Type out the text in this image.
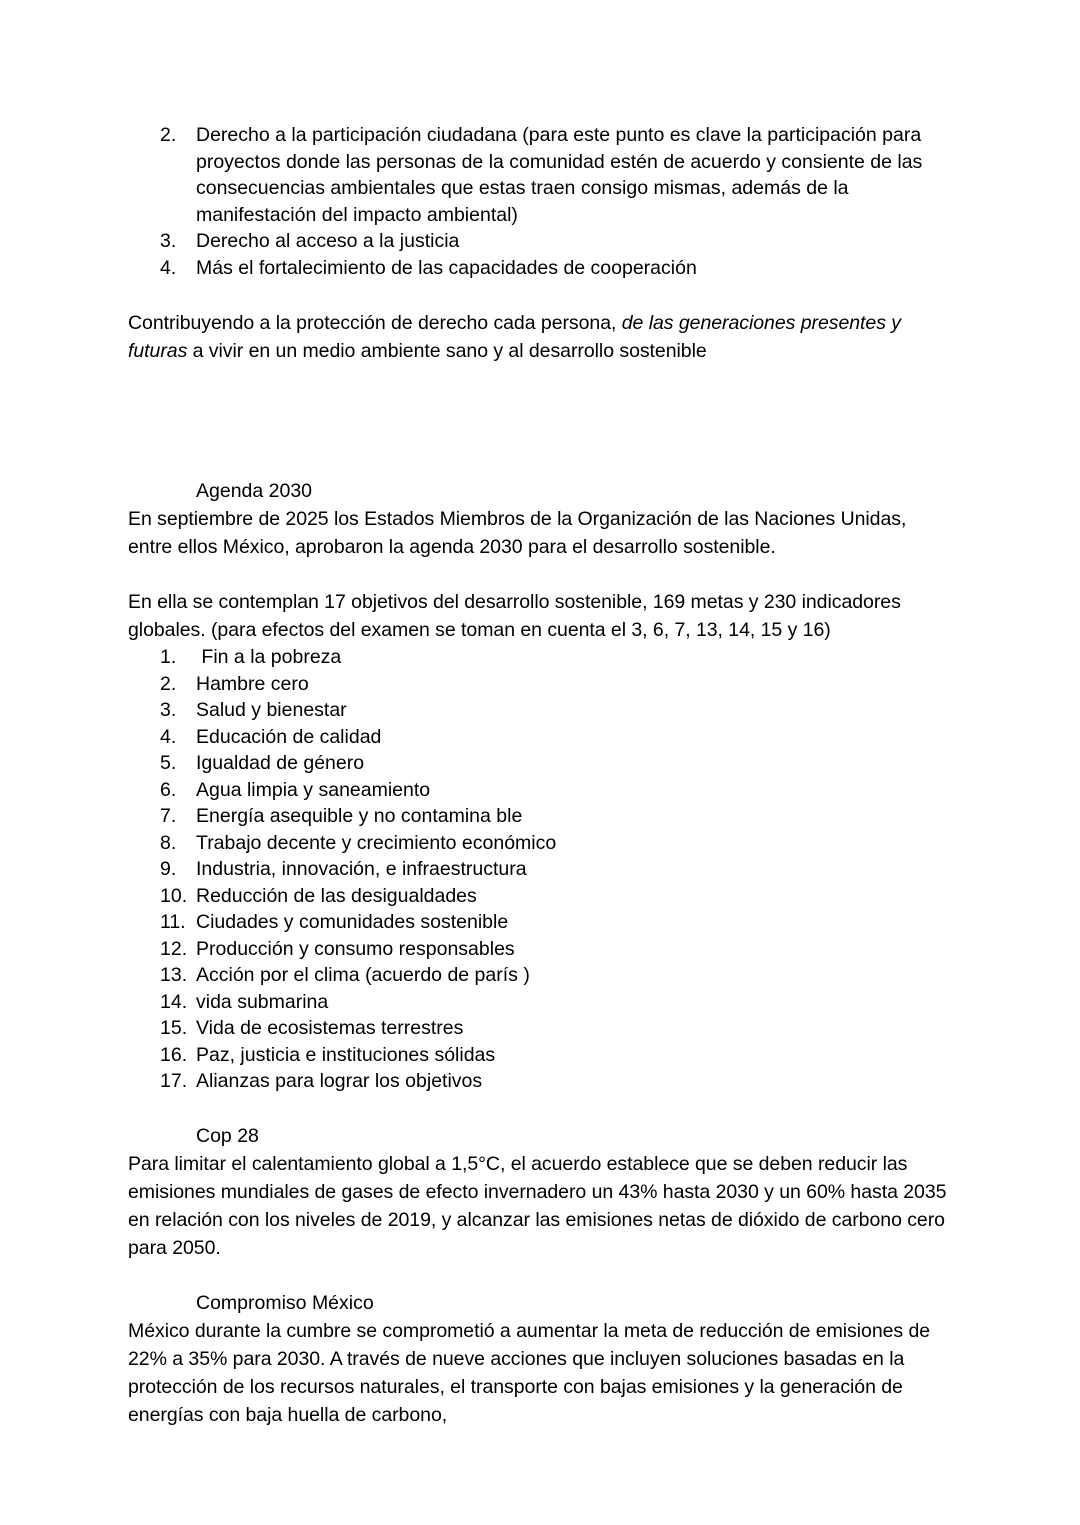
2.	Derecho a la participación ciudadana (para este punto es clave la participación para proyectos donde las personas de la comunidad estén de acuerdo y consiente de las consecuencias ambientales que estas traen consigo mismas, además de la manifestación del impacto ambiental)
3.	Derecho al acceso a la justicia
4.	Más el fortalecimiento de las capacidades de cooperación

Contribuyendo a la protección de derecho cada persona, de las generaciones presentes y futuras a vivir en un medio ambiente sano y al desarrollo sostenible

Agenda 2030

En septiembre de 2025 los Estados Miembros de la Organización de las Naciones Unidas, entre ellos México, aprobaron la agenda 2030 para el desarrollo sostenible.

En ella se contemplan 17 objetivos del desarrollo sostenible, 169 metas y 230 indicadores globales. (para efectos del examen se toman en cuenta el 3, 6, 7, 13, 14, 15 y 16)

1.	Fin a la pobreza
2.	Hambre cero
3.	Salud y bienestar
4.	Educación de calidad
5.	Igualdad de género
6.	Agua limpia y saneamiento
7.	Energía asequible y no contamina ble
8.	Trabajo decente y crecimiento económico
9.	Industria, innovación, e infraestructura
10. Reducción de las desigualdades
11. Ciudades y comunidades sostenible
12. Producción y consumo responsables
13. Acción por el clima (acuerdo de parís )
14. vida submarina
15. Vida de ecosistemas terrestres
16. Paz, justicia e instituciones sólidas
17. Alianzas para lograr los objetivos
Cop 28

Para limitar el calentamiento global a 1,5°C, el acuerdo establece que se deben reducir las emisiones mundiales de gases de efecto invernadero un 43% hasta 2030 y un 60% hasta 2035 en relación con los niveles de 2019, y alcanzar las emisiones netas de dióxido de carbono cero para 2050.

Compromiso México

México durante la cumbre se comprometió a aumentar la meta de reducción de emisiones de 22% a 35% para 2030. A través de nueve acciones que incluyen soluciones basadas en la protección de los recursos naturales, el transporte con bajas emisiones y la generación de energías con baja huella de carbono,
